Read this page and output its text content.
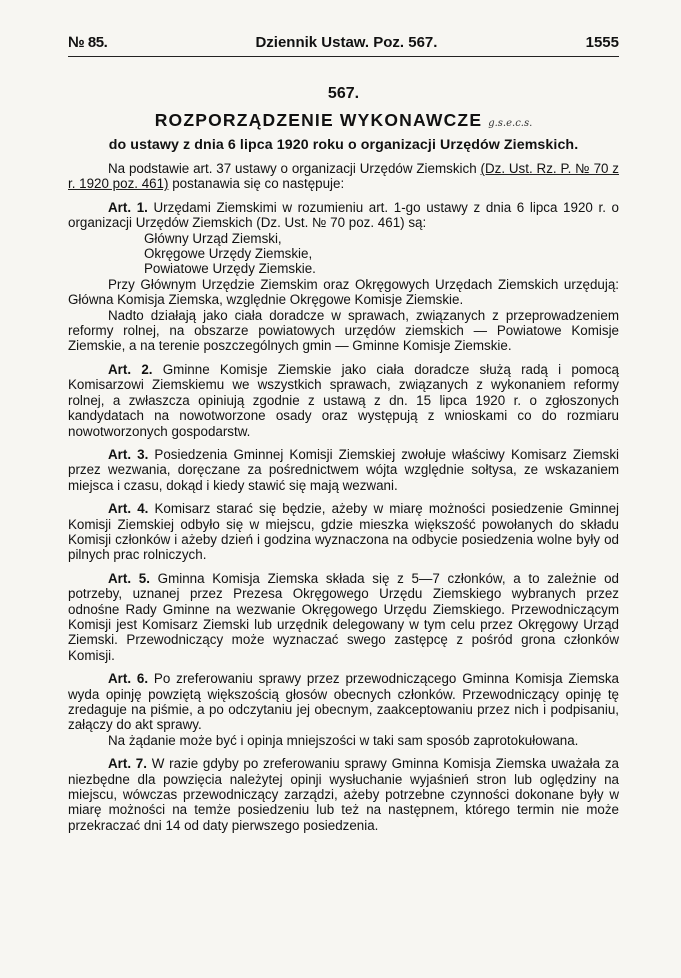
№ 85.	Dziennik Ustaw. Poz. 567.	1555
567.
ROZPORZĄDZENIE WYKONAWCZE g.s.e.c.s.
do ustawy z dnia 6 lipca 1920 roku o organizacji Urzędów Ziemskich.

Na podstawie art. 37 ustawy o organizacji Urzędów Ziemskich (Dz. Ust. Rz. P. № 70 z r. 1920 poz. 461) postanawia się co następuje:

Art. 1. Urzędami Ziemskimi w rozumieniu art. 1-go ustawy z dnia 6 lipca 1920 r. o organizacji Urzędów Ziemskich (Dz. Ust. № 70 poz. 461) są:

Główny Urząd Ziemski,
Okręgowe Urzędy Ziemskie,
Powiatowe Urzędy Ziemskie.

Przy Głównym Urzędzie Ziemskim oraz Okręgowych Urzędach Ziemskich urzędują: Główna Komisja Ziemska, względnie Okręgowe Komisje Ziemskie.

Nadto działają jako ciała doradcze w sprawach, związanych z przeprowadzeniem reformy rolnej, na obszarze powiatowych urzędów ziemskich — Powiatowe Komisje Ziemskie, a na terenie poszczególnych gmin — Gminne Komisje Ziemskie.

Art. 2. Gminne Komisje Ziemskie jako ciała doradcze służą radą i pomocą Komisarzowi Ziemskiemu we wszystkich sprawach, związanych z wykonaniem reformy rolnej, a zwłaszcza opiniują zgodnie z ustawą z dn. 15 lipca 1920 r. o zgłoszonych kandydatach na nowotworzone osady oraz występują z wnioskami co do rozmiaru nowotworzonych gospodarstw.

Art. 3. Posiedzenia Gminnej Komisji Ziemskiej zwołuje właściwy Komisarz Ziemski przez wezwania, doręczane za pośrednictwem wójta względnie sołtysa, ze wskazaniem miejsca i czasu, dokąd i kiedy stawić się mają wezwani.

Art. 4. Komisarz starać się będzie, ażeby w miarę możności posiedzenie Gminnej Komisji Ziemskiej odbyło się w miejscu, gdzie mieszka większość powołanych do składu Komisji członków i ażeby dzień i godzina wyznaczona na odbycie posiedzenia wolne były od pilnych prac rolniczych.

Art. 5. Gminna Komisja Ziemska składa się z 5—7 członków, a to zależnie od potrzeby, uznanej przez Prezesa Okręgowego Urzędu Ziemskiego wybranych przez odnośne Rady Gminne na wezwanie Okręgowego Urzędu Ziemskiego. Przewodniczącym Komisji jest Komisarz Ziemski lub urzędnik delegowany w tym celu przez Okręgowy Urząd Ziemski. Przewodniczący może wyznaczać swego zastępcę z pośród grona członków Komisji.

Art. 6. Po zreferowaniu sprawy przez przewodniczącego Gminna Komisja Ziemska wyda opinję powziętą większością głosów obecnych członków. Przewodniczący opinję tę zredaguje na piśmie, a po odczytaniu jej obecnym, zaakceptowaniu przez nich i podpisaniu, załączy do akt sprawy.

Na żądanie może być i opinja mniejszości w taki sam sposób zaprotokułowana.

Art. 7. W razie gdyby po zreferowaniu sprawy Gminna Komisja Ziemska uważała za niezbędne dla powzięcia należytej opinji wysłuchanie wyjaśnień stron lub oględziny na miejscu, wówczas przewodniczący zarządzi, ażeby potrzebne czynności dokonane były w miarę możności na temże posiedzeniu lub też na następnem, którego termin nie może przekraczać dni 14 od daty pierwszego posiedzenia.
